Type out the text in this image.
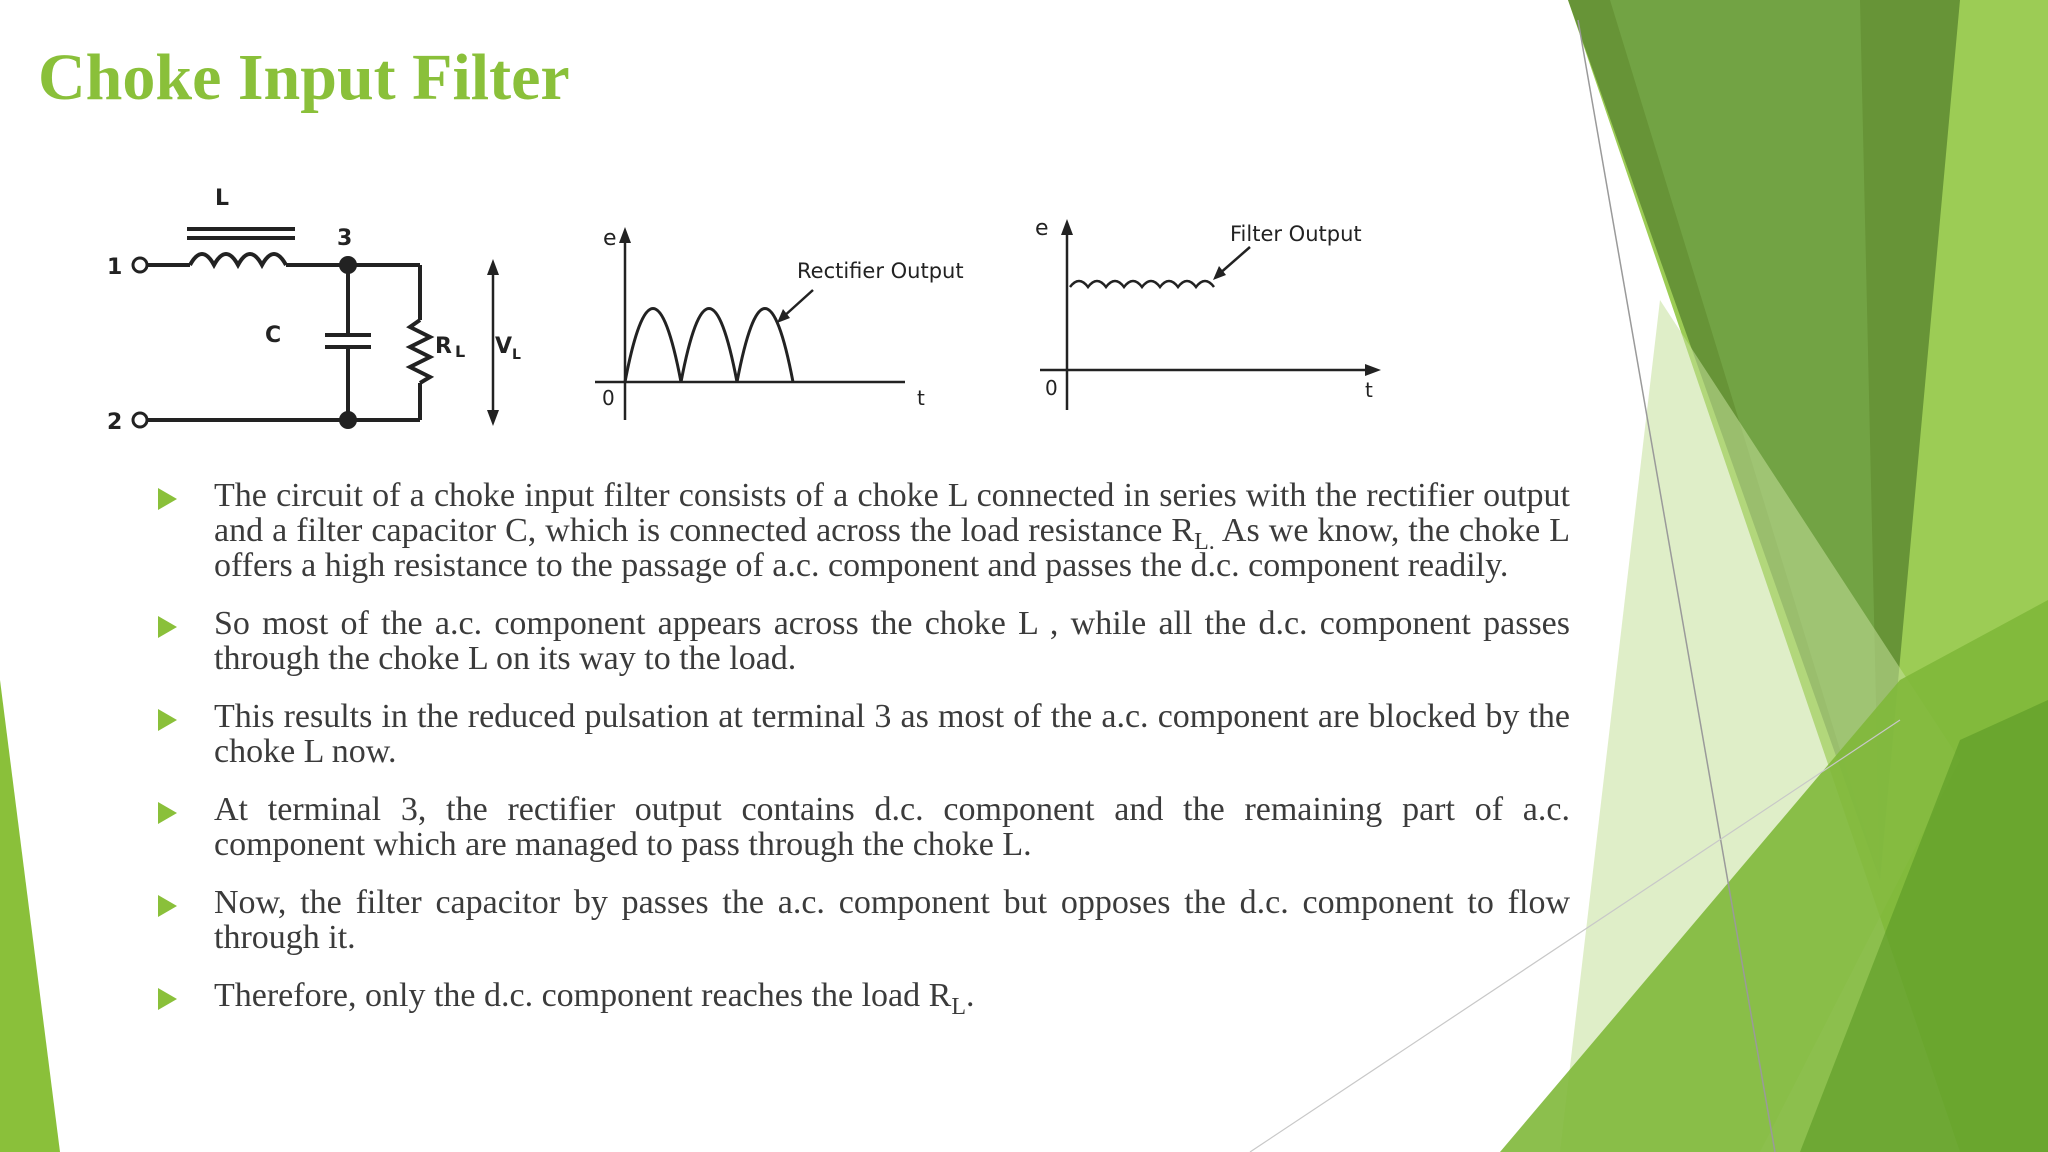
Choke Input Filter
L
1
2
3
C	R L V L
e
0	t
Rectifier Output
e
0	t
Filter Output
The circuit of a choke input filter consists of a choke L connected in series with the rectifier output and a filter capacitor C, which is connected across the load resistance $R_{L.}$ As we know, the choke L offers a high resistance to the passage of a.c. component and passes the d.c. component readily.
So most of the a.c. component appears across the choke L , while all the d.c. component passes through the choke L on its way to the load.
This results in the reduced pulsation at terminal 3 as most of the a.c. component are blocked by the choke L now.
At terminal 3, the rectifier output contains d.c. component and the remaining part of a.c. component which are managed to pass through the choke L.
Now, the filter capacitor by passes the a.c. component but opposes the d.c. component to flow through it.
Therefore, only the d.c. component reaches the load $R_L$.
